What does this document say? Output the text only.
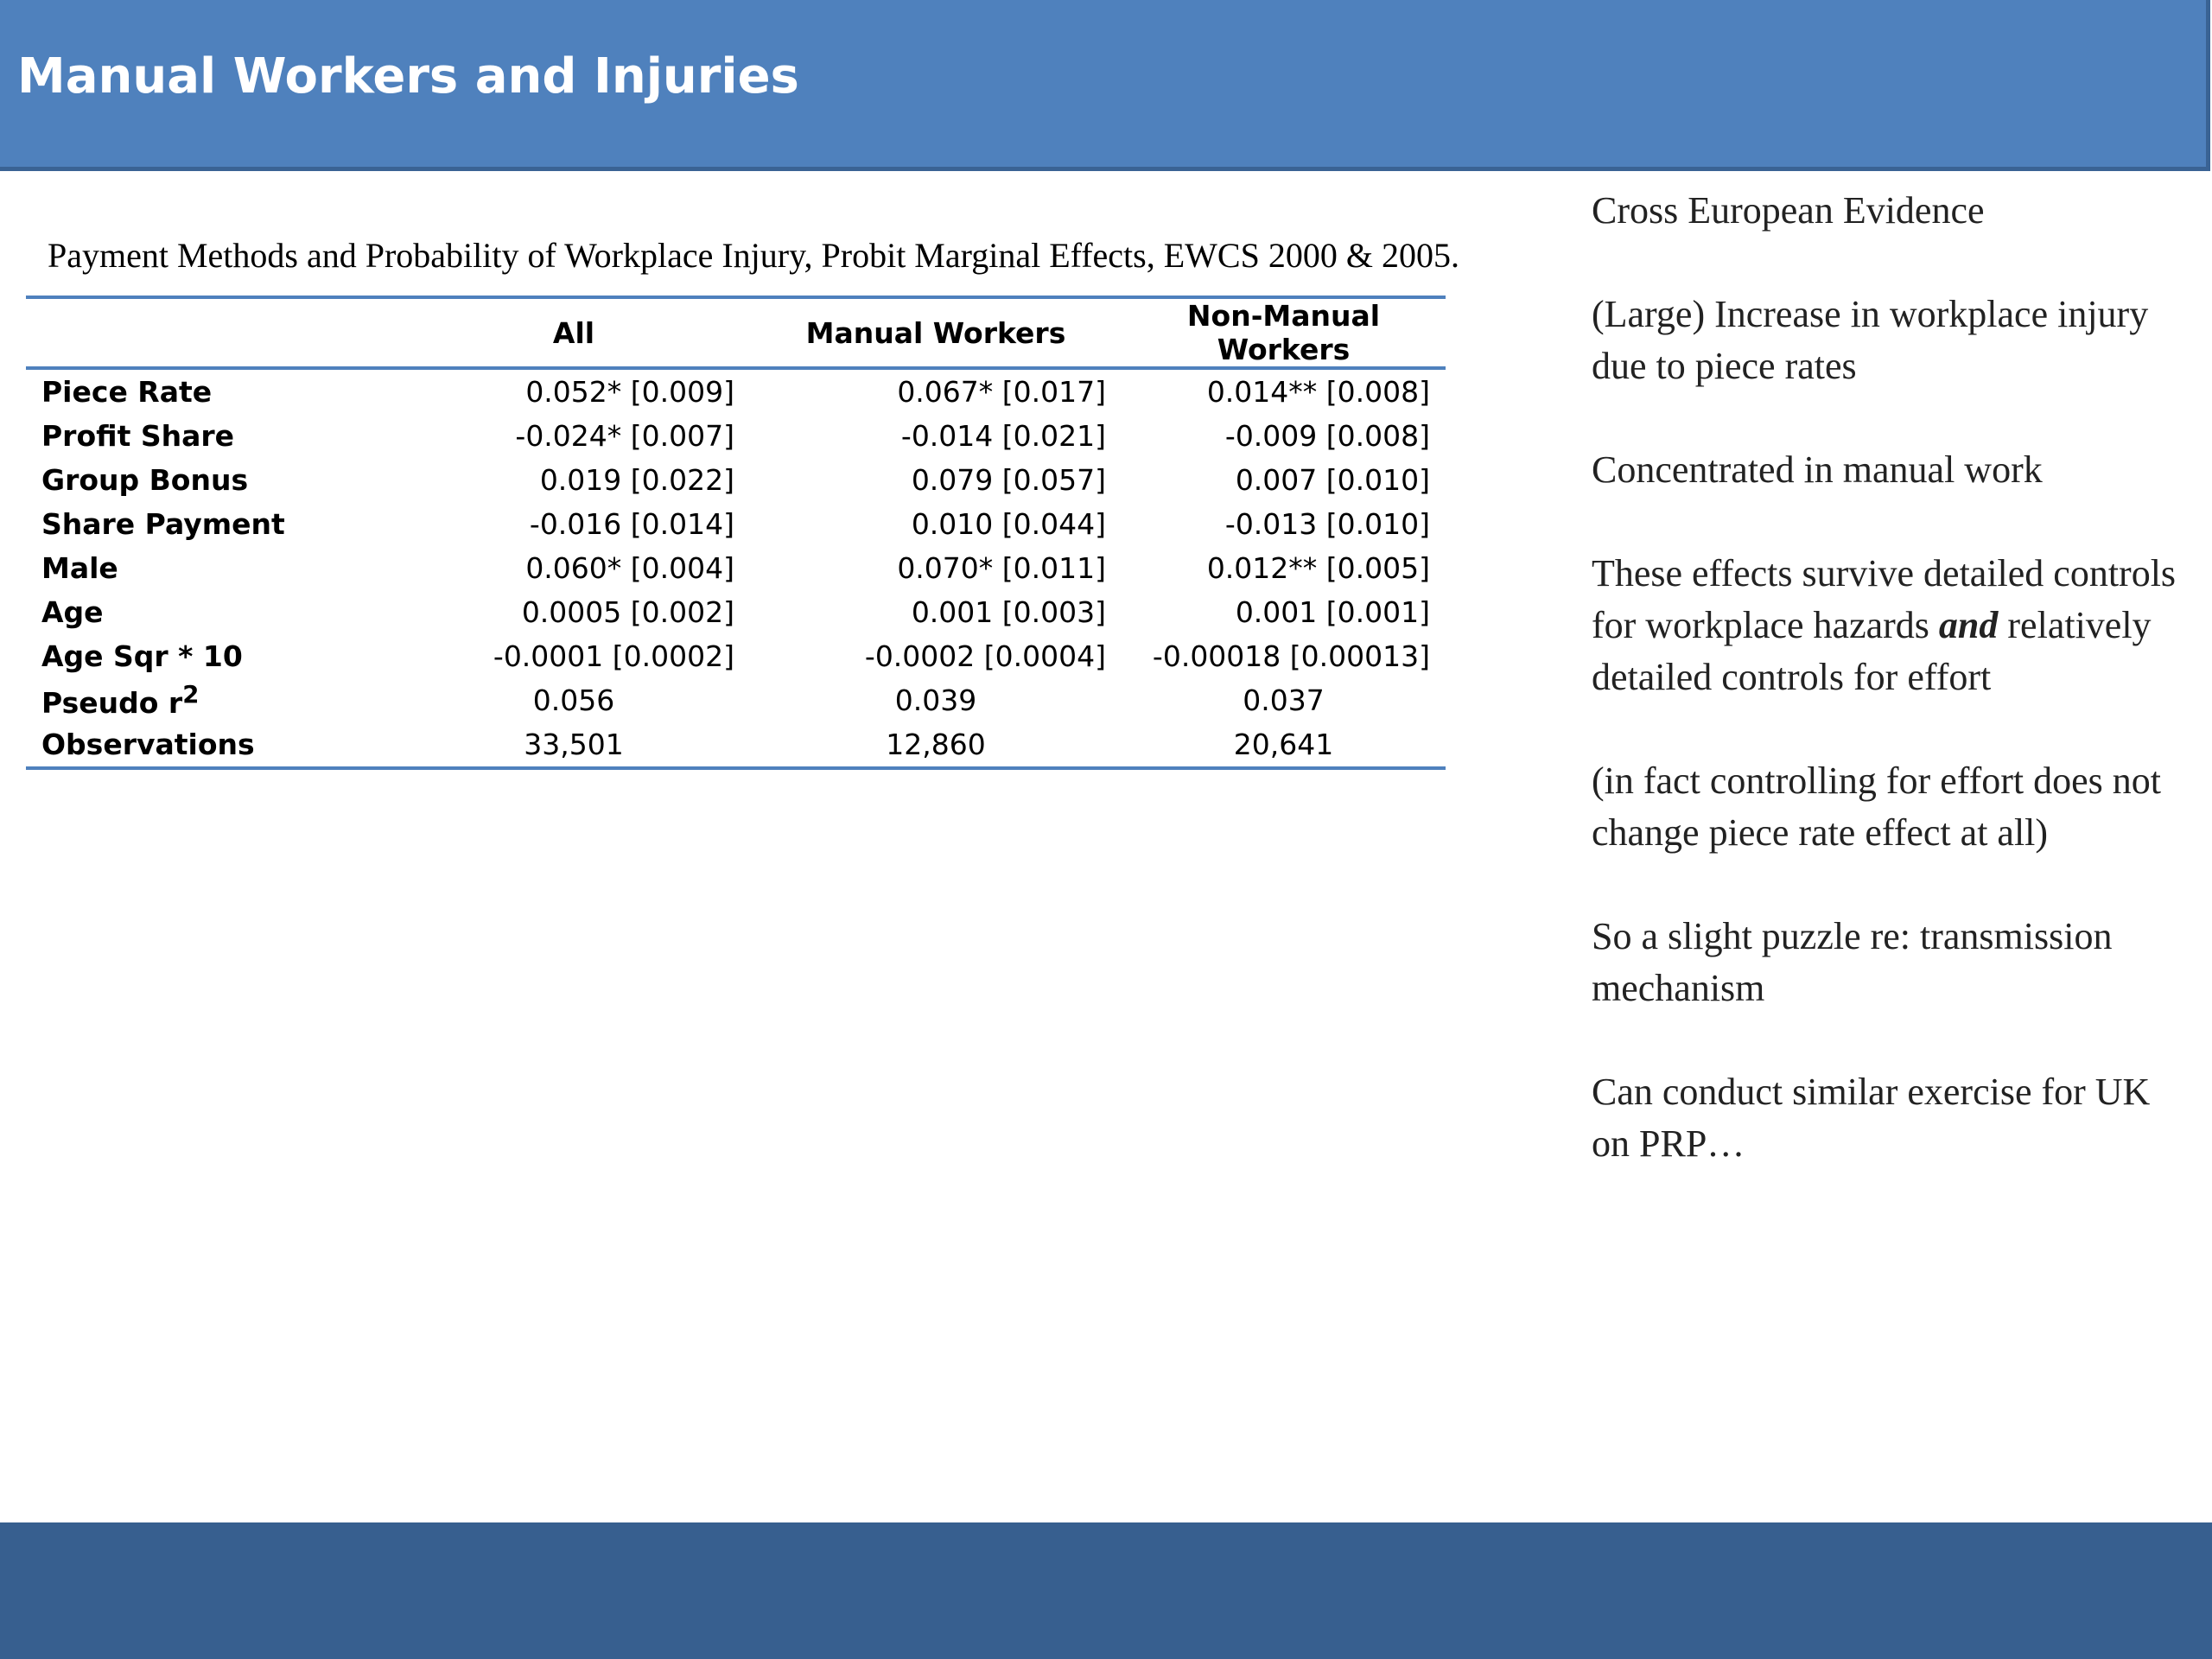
Manual Workers and Injuries
Payment Methods and Probability of Workplace Injury, Probit Marginal Effects, EWCS 2000 & 2005.
	All	Manual Workers	Non-Manual Workers
Piece Rate	0.052* [0.009]	0.067* [0.017]	0.014** [0.008]
Profit Share	-0.024* [0.007]	-0.014 [0.021]	-0.009 [0.008]
Group Bonus	0.019 [0.022]	0.079 [0.057]	0.007 [0.010]
Share Payment	-0.016 [0.014]	0.010 [0.044]	-0.013 [0.010]
Male	0.060* [0.004]	0.070* [0.011]	0.012** [0.005]
Age	0.0005 [0.002]	0.001 [0.003]	0.001 [0.001]
Age Sqr * 10	-0.0001 [0.0002]	-0.0002 [0.0004]	-0.00018 [0.00013]
Pseudo $r^2$	0.056	0.039	0.037
Observations	33,501	12,860	20,641

Cross European Evidence

(Large) Increase in workplace injury due to piece rates

Concentrated in manual work

These effects survive detailed controls for workplace hazards and relatively detailed controls for effort

(in fact controlling for effort does not change piece rate effect at all)

So a slight puzzle re: transmission mechanism

Can conduct similar exercise for UK on PRP…
